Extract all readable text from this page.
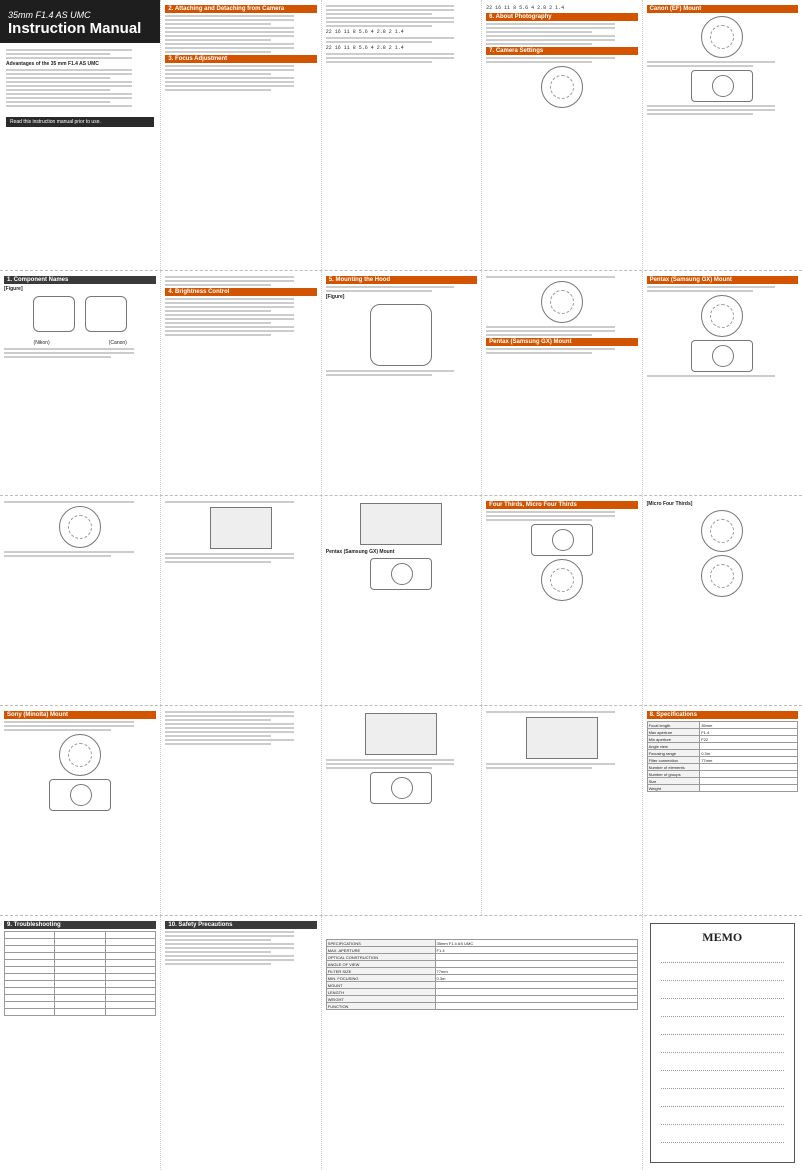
35mm F1.4 AS UMC
Instruction Manual
Advantages of the 35 mm F1.4 AS UMC
Read this instruction manual prior to use.
2. Attaching and Detaching from Camera
3. Focus Adjustment
22 16 11 8 5.6 4 2.8 2 1.4
22 16 11 8 5.6 4 2.8 2 1.4
22 16 11 8 5.6 4 2.8 2 1.4
6. About Photography
7. Camera Settings
Canon (EF) Mount
1. Component Names
[Figure]

(Nikon)	(Canon)
4. Brightness Control
5. Mounting the Hood
[Figure]
Pentax (Samsung GX) Mount
Pentax (Samsung GX) Mount
Pentax (Samsung GX) Mount
Four Thirds, Micro Four Thirds	[Micro Four Thirds]
Sony (Minolta) Mount	8. Specifications
Focal length	35mm
Max aperture	F1.4
Min aperture	F22
Angle view	
Focusing range	0.3m
Filter connection	77mm
Number of elements	
Number of groups	
Size	
Weight	
9. Troubleshooting

			10. Safety Precautions
SPECIFICATIONS	35mm F1.4 AS UMC
MAX. APERTURE	F1.4
OPTICAL CONSTRUCTION	
ANGLE OF VIEW	
FILTER SIZE	77mm
MIN. FOCUSING	0.3m
MOUNT	
LENGTH	
WEIGHT	
FUNCTION	
MEMO
